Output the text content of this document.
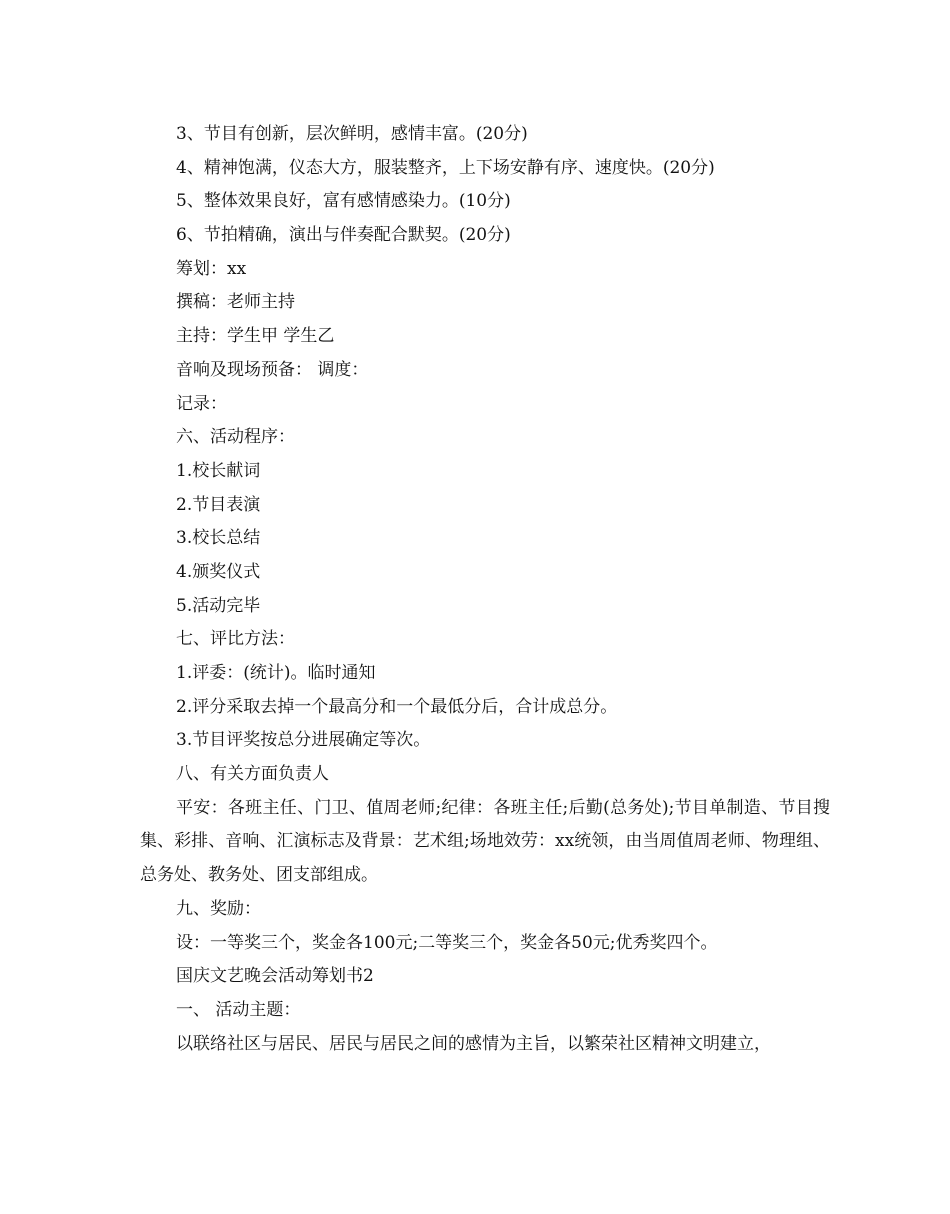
3、节目有创新，层次鲜明，感情丰富。(20分)
4、精神饱满，仪态大方，服装整齐，上下场安静有序、速度快。(20分)
5、整体效果良好，富有感情感染力。(10分)
6、节拍精确，演出与伴奏配合默契。(20分)
筹划：xx
撰稿：老师主持
主持：学生甲 学生乙
音响及现场预备： 调度：
记录：
六、活动程序：
1.校长献词
2.节目表演
3.校长总结
4.颁奖仪式
5.活动完毕
七、评比方法：
1.评委：(统计)。临时通知
2.评分采取去掉一个最高分和一个最低分后，合计成总分。
3.节目评奖按总分进展确定等次。
八、有关方面负责人
平安：各班主任、门卫、值周老师;纪律：各班主任;后勤(总务处);节目单制造、节目搜集、彩排、音响、汇演标志及背景：艺术组;场地效劳：xx统领，由当周值周老师、物理组、总务处、教务处、团支部组成。
九、奖励：
设：一等奖三个，奖金各100元;二等奖三个，奖金各50元;优秀奖四个。
国庆文艺晚会活动筹划书2
一、 活动主题：
以联络社区与居民、居民与居民之间的感情为主旨，以繁荣社区精神文明建立，
